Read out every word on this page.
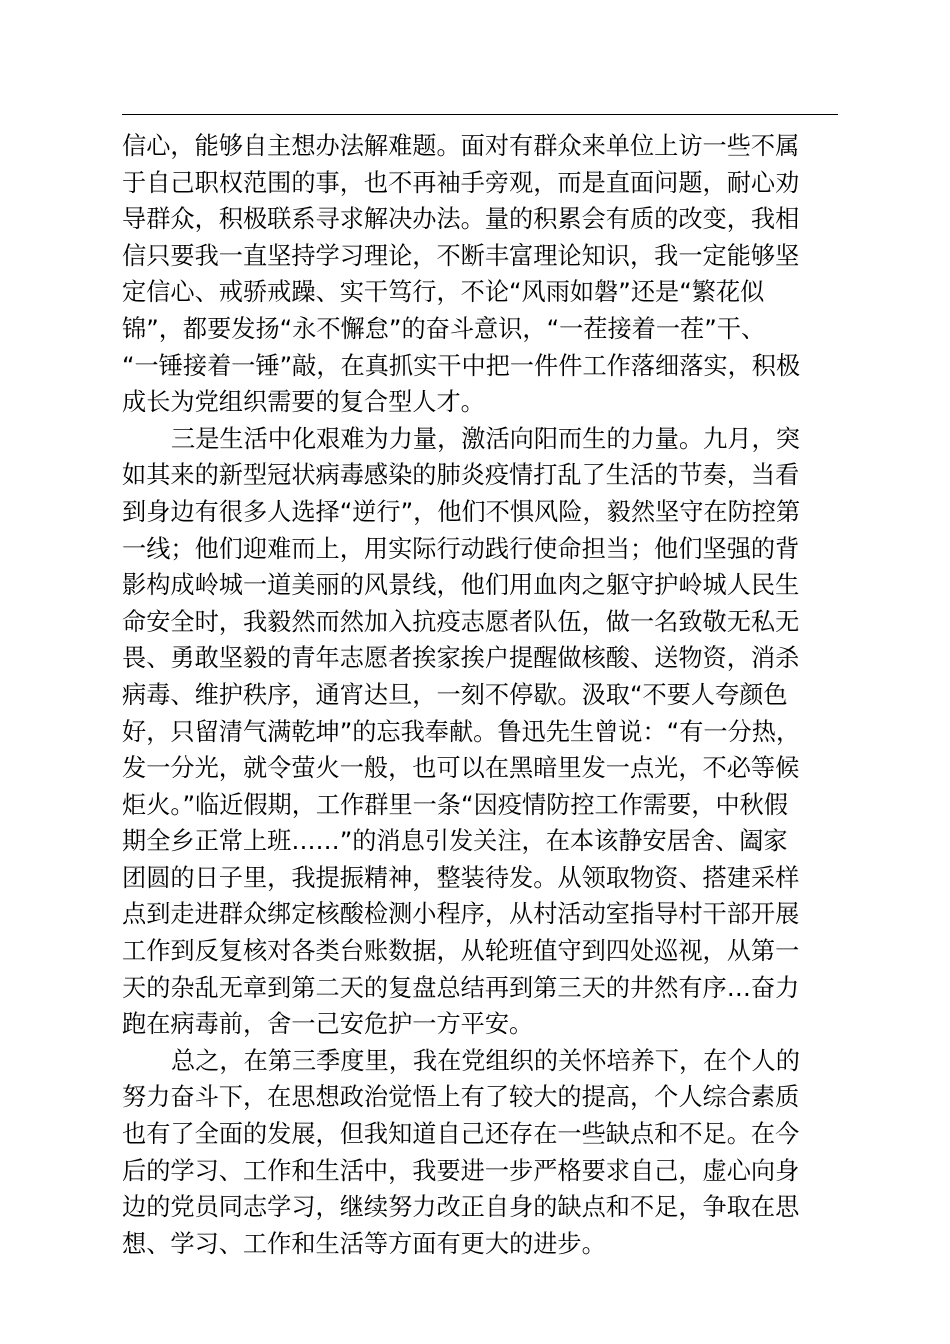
信心，能够自主想办法解难题。面对有群众来单位上访一些不属
于自己职权范围的事，也不再袖手旁观，而是直面问题，耐心劝
导群众，积极联系寻求解决办法。量的积累会有质的改变，我相
信只要我一直坚持学习理论，不断丰富理论知识，我一定能够坚
定信心、戒骄戒躁、实干笃行，不论“风雨如磐”还是“繁花似
锦”，都要发扬“永不懈怠”的奋斗意识，“一茬接着一茬”干、
“一锤接着一锤”敲，在真抓实干中把一件件工作落细落实，积极
成长为党组织需要的复合型人才。
三是生活中化艰难为力量，激活向阳而生的力量。九月，突
如其来的新型冠状病毒感染的肺炎疫情打乱了生活的节奏，当看
到身边有很多人选择“逆行”，他们不惧风险，毅然坚守在防控第
一线；他们迎难而上，用实际行动践行使命担当；他们坚强的背
影构成岭城一道美丽的风景线，他们用血肉之躯守护岭城人民生
命安全时，我毅然而然加入抗疫志愿者队伍，做一名致敬无私无
畏、勇敢坚毅的青年志愿者挨家挨户提醒做核酸、送物资，消杀
病毒、维护秩序，通宵达旦，一刻不停歇。汲取“不要人夸颜色
好，只留清气满乾坤”的忘我奉献。鲁迅先生曾说：“有一分热，
发一分光，就令萤火一般，也可以在黑暗里发一点光，不必等候
炬火。”临近假期，工作群里一条“因疫情防控工作需要，中秋假
期全乡正常上班……”的消息引发关注，在本该静安居舍、阖家
团圆的日子里，我提振精神，整装待发。从领取物资、搭建采样
点到走进群众绑定核酸检测小程序，从村活动室指导村干部开展
工作到反复核对各类台账数据，从轮班值守到四处巡视，从第一
天的杂乱无章到第二天的复盘总结再到第三天的井然有序…奋力
跑在病毒前，舍一己安危护一方平安。
总之，在第三季度里，我在党组织的关怀培养下，在个人的
努力奋斗下，在思想政治觉悟上有了较大的提高，个人综合素质
也有了全面的发展，但我知道自己还存在一些缺点和不足。在今
后的学习、工作和生活中，我要进一步严格要求自己，虚心向身
边的党员同志学习，继续努力改正自身的缺点和不足，争取在思
想、学习、工作和生活等方面有更大的进步。
